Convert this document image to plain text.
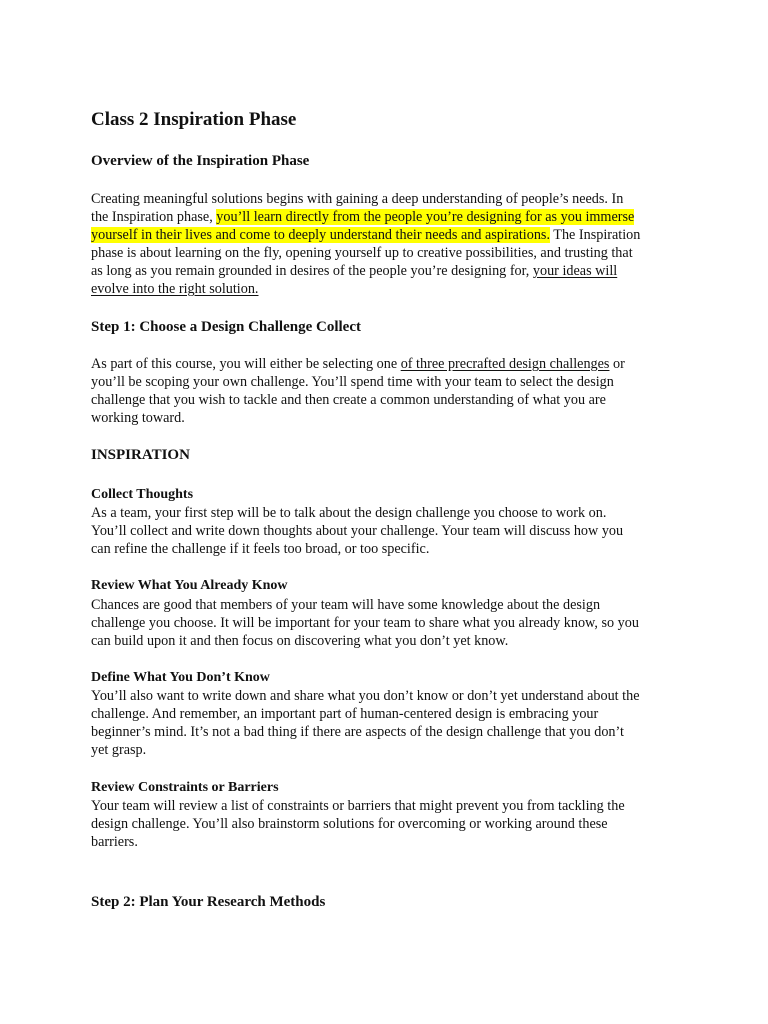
Class 2 Inspiration Phase
Overview of the Inspiration Phase

Creating meaningful solutions begins with gaining a deep understanding of people’s needs. In

the Inspiration phase, you’ll learn directly from the people you’re designing for as you immerse

yourself in their lives and come to deeply understand their needs and aspirations. The Inspiration

phase is about learning on the fly, opening yourself up to creative possibilities, and trusting that

as long as you remain grounded in desires of the people you’re designing for, your ideas will

evolve into the right solution.

Step 1: Choose a Design Challenge Collect

As part of this course, you will either be selecting one of three precrafted design challenges or

you’ll be scoping your own challenge. You’ll spend time with your team to select the design

challenge that you wish to tackle and then create a common understanding of what you are

working toward.

INSPIRATION
Collect Thoughts

As a team, your first step will be to talk about the design challenge you choose to work on.

You’ll collect and write down thoughts about your challenge. Your team will discuss how you

can refine the challenge if it feels too broad, or too specific.

Review What You Already Know

Chances are good that members of your team will have some knowledge about the design

challenge you choose. It will be important for your team to share what you already know, so you

can build upon it and then focus on discovering what you don’t yet know.

Define What You Don’t Know

You’ll also want to write down and share what you don’t know or don’t yet understand about the

challenge. And remember, an important part of human-centered design is embracing your

beginner’s mind. It’s not a bad thing if there are aspects of the design challenge that you don’t

yet grasp.

Review Constraints or Barriers

Your team will review a list of constraints or barriers that might prevent you from tackling the

design challenge. You’ll also brainstorm solutions for overcoming or working around these

barriers.

Step 2: Plan Your Research Methods
